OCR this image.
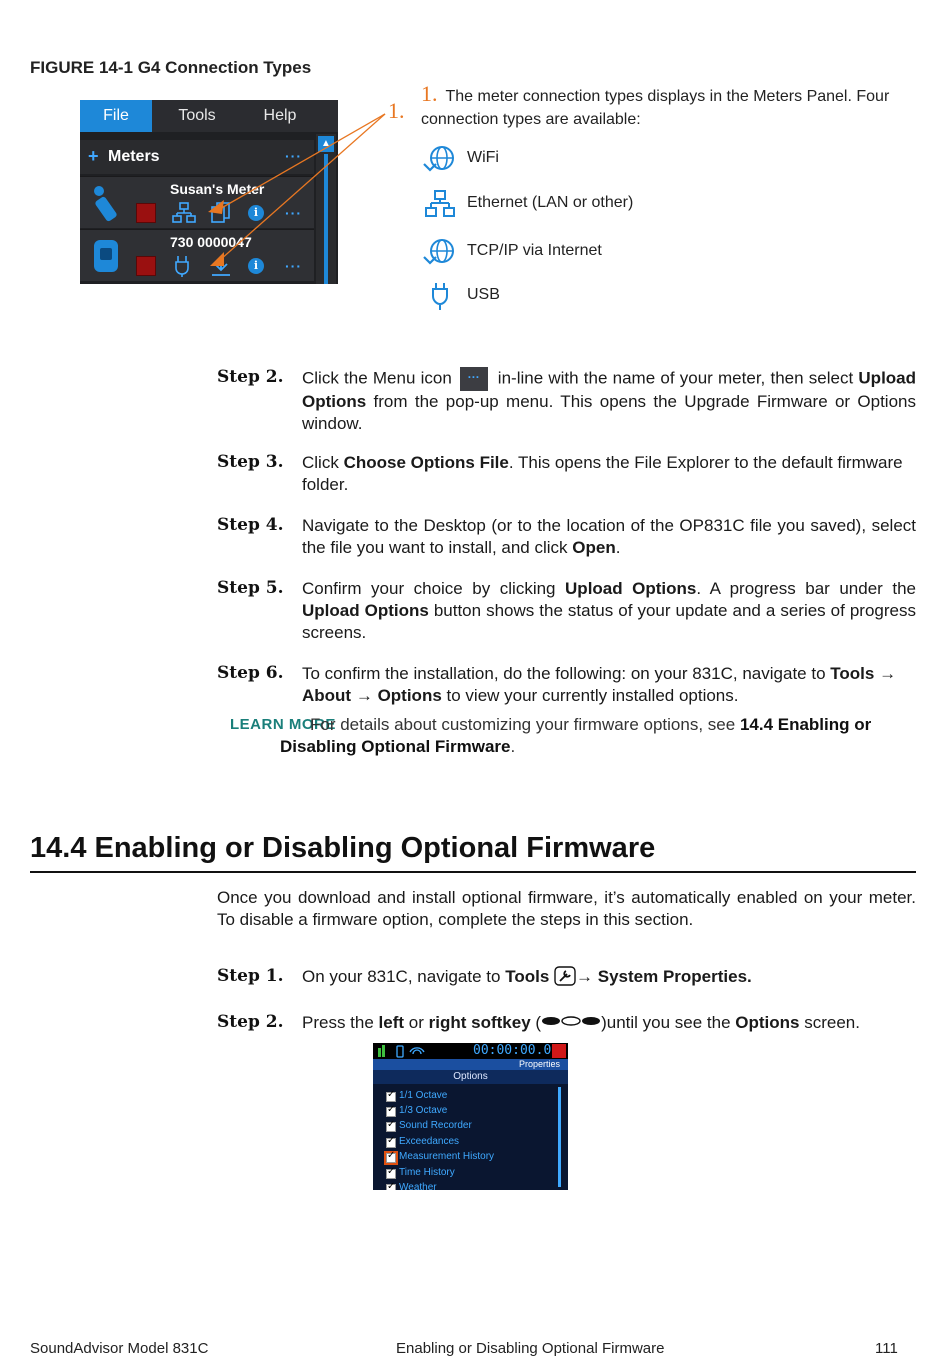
FIGURE 14-1 G4 Connection Types
File	Tools	Help
+ Meters	···
Susan's Meter
i	···
730 0000047
i	···
▲
1.
1. The meter connection types displays in the Meters Panel. Four connection types are available:
WiFi
Ethernet (LAN or other)
TCP/IP via Internet
USB
Step 2. Click the Menu icon ··· in-line with the name of your meter, then select Upload Options from the pop-up menu. This opens the Upgrade Firmware or Options window.
Step 3. Click Choose Options File. This opens the File Explorer to the default firmware folder.
Step 4. Navigate to the Desktop (or to the location of the OP831C file you saved), select the file you want to install, and click Open.
Step 5. Confirm your choice by clicking Upload Options. A progress bar under the Upload Options button shows the status of your update and a series of progress screens.
Step 6. To confirm the installation, do the following: on your 831C, navigate to Tools → About → Options to view your currently installed options.
LEARN MORE
For details about customizing your firmware options, see 14.4 Enabling or Disabling Optional Firmware.
14.4 Enabling or Disabling Optional Firmware
Once you download and install optional firmware, it’s automatically enabled on your meter. To disable a firmware option, complete the steps in this section.
Step 1. On your 831C, navigate to Tools → System Properties.
Step 2. Press the left or right softkey (	)until you see the Options screen.
00:00:00.0
Properties
Options
✓
1/1 Octave
✓
1/3 Octave
✓
Sound Recorder
✓
Exceedances
✓
Measurement History
✓
Time History
✓
Weather
SoundAdvisor Model 831C	Enabling or Disabling Optional Firmware	111
